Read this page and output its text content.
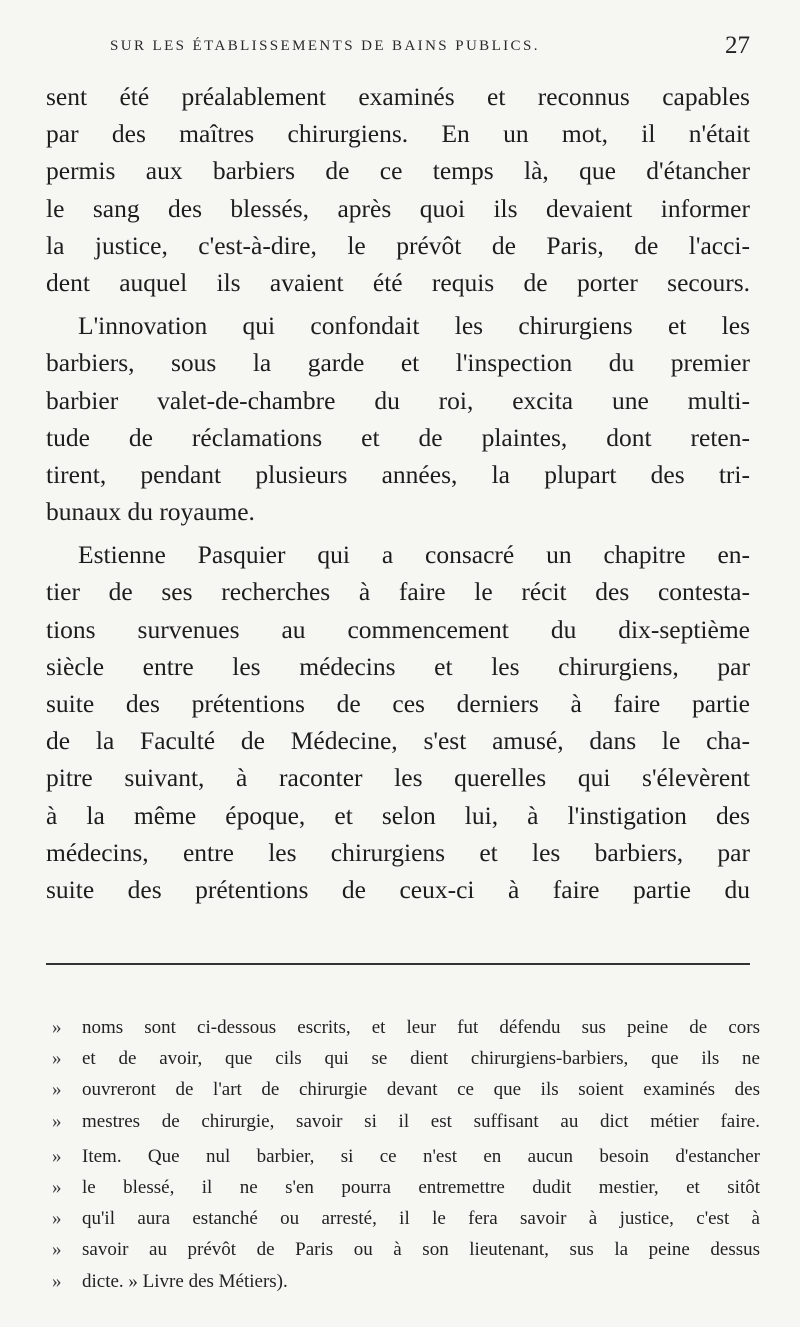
SUR LES ÉTABLISSEMENTS DE BAINS PUBLICS.	27
sent été préalablement examinés et reconnus capables
par des maîtres chirurgiens. En un mot, il n'était
permis aux barbiers de ce temps là, que d'étancher
le sang des blessés, après quoi ils devaient informer
la justice, c'est-à-dire, le prévôt de Paris, de l'acci-
dent auquel ils avaient été requis de porter secours.
L'innovation qui confondait les chirurgiens et les
barbiers, sous la garde et l'inspection du premier
barbier valet-de-chambre du roi, excita une multi-
tude de réclamations et de plaintes, dont reten-
tirent, pendant plusieurs années, la plupart des tri-
bunaux du royaume.
Estienne Pasquier qui a consacré un chapitre en-
tier de ses recherches à faire le récit des contesta-
tions survenues au commencement du dix-septième
siècle entre les médecins et les chirurgiens, par
suite des prétentions de ces derniers à faire partie
de la Faculté de Médecine, s'est amusé, dans le cha-
pitre suivant, à raconter les querelles qui s'élevèrent
à la même époque, et selon lui, à l'instigation des
médecins, entre les chirurgiens et les barbiers, par
suite des prétentions de ceux-ci à faire partie du
» noms sont ci-dessous escrits, et leur fut défendu sus peine de cors
» et de avoir, que cils qui se dient chirurgiens-barbiers, que ils ne
» ouvreront de l'art de chirurgie devant ce que ils soient examinés des
» mestres de chirurgie, savoir si il est suffisant au dict métier faire.
» Item. Que nul barbier, si ce n'est en aucun besoin d'estancher
» le blessé, il ne s'en pourra entremettre dudit mestier, et sitôt
» qu'il aura estanché ou arresté, il le fera savoir à justice, c'est à
» savoir au prévôt de Paris ou à son lieutenant, sus la peine dessus
» dicte. » Livre des Métiers).
